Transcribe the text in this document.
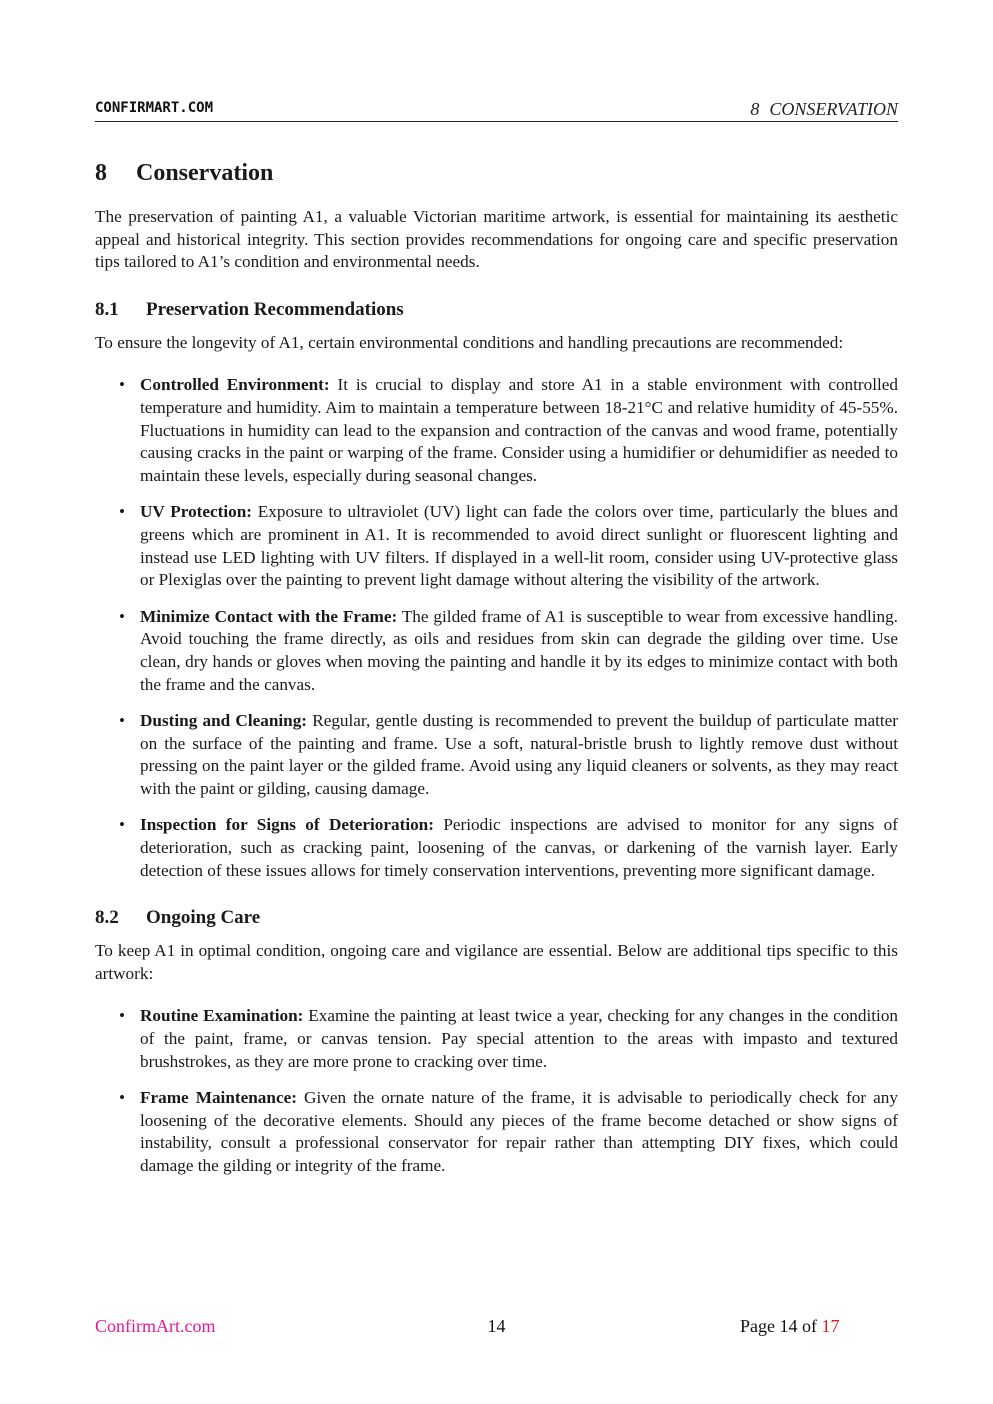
CONFIRMART.COM	8 CONSERVATION
8 Conservation

The preservation of painting A1, a valuable Victorian maritime artwork, is essential for maintaining its aesthetic appeal and historical integrity. This section provides recommendations for ongoing care and specific preservation tips tailored to A1’s condition and environmental needs.

8.1 Preservation Recommendations

To ensure the longevity of A1, certain environmental conditions and handling precautions are recommended:

• Controlled Environment: It is crucial to display and store A1 in a stable environment with controlled temperature and humidity. Aim to maintain a temperature between 18-21°C and relative humidity of 45-55%. Fluctuations in humidity can lead to the expansion and contraction of the canvas and wood frame, potentially causing cracks in the paint or warping of the frame. Consider using a humidifier or dehumidifier as needed to maintain these levels, especially during seasonal changes.
• UV Protection: Exposure to ultraviolet (UV) light can fade the colors over time, particularly the blues and greens which are prominent in A1. It is recommended to avoid direct sunlight or fluorescent lighting and instead use LED lighting with UV filters. If displayed in a well-lit room, consider using UV-protective glass or Plexiglas over the painting to prevent light damage without altering the visibility of the artwork.
• Minimize Contact with the Frame: The gilded frame of A1 is susceptible to wear from excessive handling. Avoid touching the frame directly, as oils and residues from skin can degrade the gilding over time. Use clean, dry hands or gloves when moving the painting and handle it by its edges to minimize contact with both the frame and the canvas.
• Dusting and Cleaning: Regular, gentle dusting is recommended to prevent the buildup of particulate matter on the surface of the painting and frame. Use a soft, natural-bristle brush to lightly remove dust without pressing on the paint layer or the gilded frame. Avoid using any liquid cleaners or solvents, as they may react with the paint or gilding, causing damage.
• Inspection for Signs of Deterioration: Periodic inspections are advised to monitor for any signs of deterioration, such as cracking paint, loosening of the canvas, or darkening of the varnish layer. Early detection of these issues allows for timely conservation interventions, preventing more significant damage.
8.2 Ongoing Care

To keep A1 in optimal condition, ongoing care and vigilance are essential. Below are additional tips specific to this artwork:

• Routine Examination: Examine the painting at least twice a year, checking for any changes in the condition of the paint, frame, or canvas tension. Pay special attention to the areas with impasto and textured brushstrokes, as they are more prone to cracking over time.
• Frame Maintenance: Given the ornate nature of the frame, it is advisable to periodically check for any loosening of the decorative elements. Should any pieces of the frame become detached or show signs of instability, consult a professional conservator for repair rather than attempting DIY fixes, which could damage the gilding or integrity of the frame.
ConfirmArt.com	14	Page 14 of 17
